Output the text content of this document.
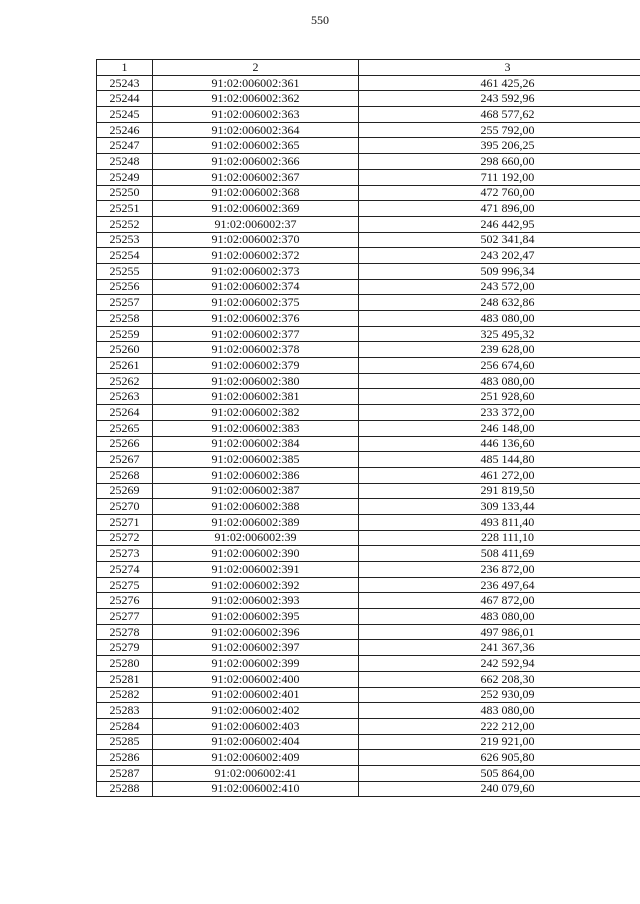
550
1	2	3
25243	91:02:006002:361	461 425,26
25244	91:02:006002:362	243 592,96
25245	91:02:006002:363	468 577,62
25246	91:02:006002:364	255 792,00
25247	91:02:006002:365	395 206,25
25248	91:02:006002:366	298 660,00
25249	91:02:006002:367	711 192,00
25250	91:02:006002:368	472 760,00
25251	91:02:006002:369	471 896,00
25252	91:02:006002:37	246 442,95
25253	91:02:006002:370	502 341,84
25254	91:02:006002:372	243 202,47
25255	91:02:006002:373	509 996,34
25256	91:02:006002:374	243 572,00
25257	91:02:006002:375	248 632,86
25258	91:02:006002:376	483 080,00
25259	91:02:006002:377	325 495,32
25260	91:02:006002:378	239 628,00
25261	91:02:006002:379	256 674,60
25262	91:02:006002:380	483 080,00
25263	91:02:006002:381	251 928,60
25264	91:02:006002:382	233 372,00
25265	91:02:006002:383	246 148,00
25266	91:02:006002:384	446 136,60
25267	91:02:006002:385	485 144,80
25268	91:02:006002:386	461 272,00
25269	91:02:006002:387	291 819,50
25270	91:02:006002:388	309 133,44
25271	91:02:006002:389	493 811,40
25272	91:02:006002:39	228 111,10
25273	91:02:006002:390	508 411,69
25274	91:02:006002:391	236 872,00
25275	91:02:006002:392	236 497,64
25276	91:02:006002:393	467 872,00
25277	91:02:006002:395	483 080,00
25278	91:02:006002:396	497 986,01
25279	91:02:006002:397	241 367,36
25280	91:02:006002:399	242 592,94
25281	91:02:006002:400	662 208,30
25282	91:02:006002:401	252 930,09
25283	91:02:006002:402	483 080,00
25284	91:02:006002:403	222 212,00
25285	91:02:006002:404	219 921,00
25286	91:02:006002:409	626 905,80
25287	91:02:006002:41	505 864,00
25288	91:02:006002:410	240 079,60
